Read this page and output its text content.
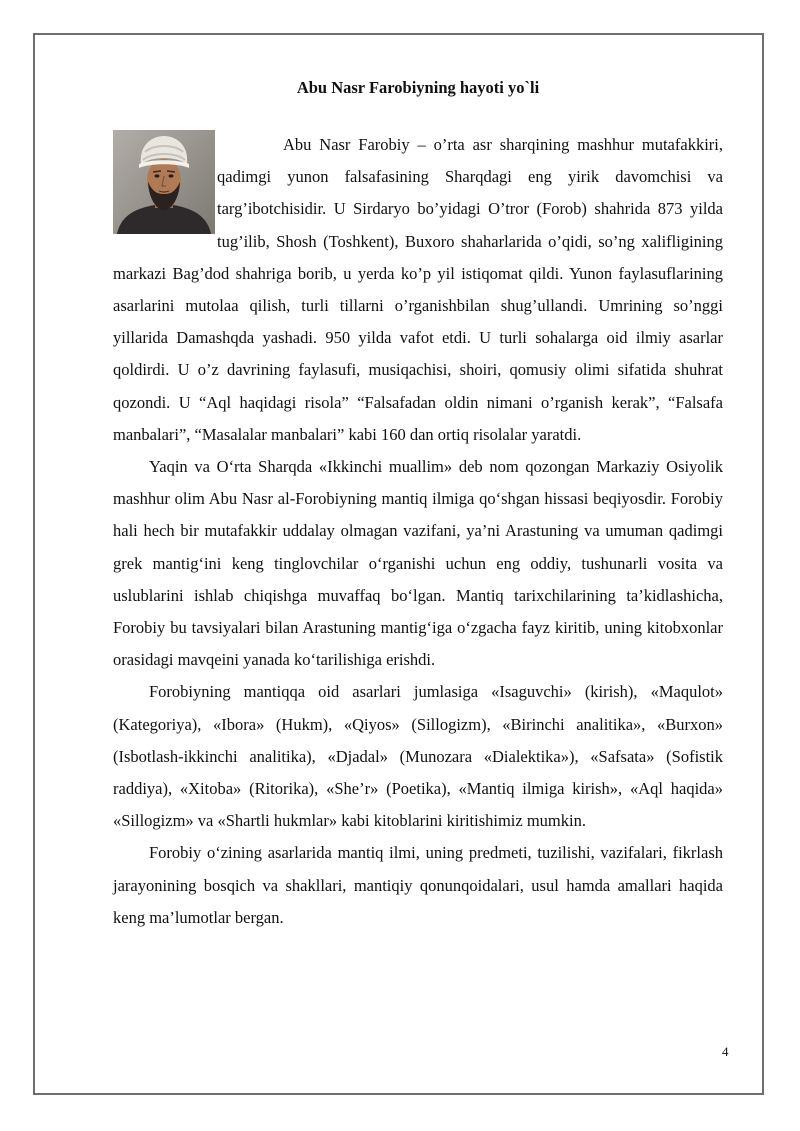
Abu Nasr Farobiyning hayoti yo`li

Abu Nasr Farobiy – o’rta asr sharqining mashhur mutafakkiri, qadimgi yunon falsafasining Sharqdagi eng yirik davomchisi va targ’ibotchisidir. U Sirdaryo bo’yidagi O’tror (Forob) shahrida 873 yilda tug’ilib, Shosh (Toshkent), Buxoro shaharlarida o’qidi, so’ng xalifligining markazi Bag’dod shahriga borib, u yerda ko’p yil istiqomat qildi. Yunon faylasuflarining asarlarini mutolaa qilish, turli tillarni o’rganishbilan shug’ullandi. Umrining so’nggi yillarida Damashqda yashadi. 950 yilda vafot etdi. U turli sohalarga oid ilmiy asarlar qoldirdi. U o’z davrining faylasufi, musiqachisi, shoiri, qomusiy olimi sifatida shuhrat qozondi. U “Aql haqidagi risola” “Falsafadan oldin nimani o’rganish kerak”, “Falsafa manbalari”, “Masalalar manbalari” kabi 160 dan ortiq risolalar yaratdi.

Yaqin va O‘rta Sharqda «Ikkinchi muallim» deb nom qozongan Markaziy Osiyolik mashhur olim Abu Nasr al-Forobiyning mantiq ilmiga qo‘shgan hissasi beqiyosdir. Forobiy hali hech bir mutafakkir uddalay olmagan vazifani, ya’ni Arastuning va umuman qadimgi grek mantig‘ini keng tinglovchilar o‘rganishi uchun eng oddiy, tushunarli vosita va uslublarini ishlab chiqishga muvaffaq bo‘lgan. Mantiq tarixchilarining ta’kidlashicha, Forobiy bu tavsiyalari bilan Arastuning mantig‘iga o‘zgacha fayz kiritib, uning kitobxonlar orasidagi mavqeini yanada ko‘tarilishiga erishdi.

Forobiyning mantiqqa oid asarlari jumlasiga «Isaguvchi» (kirish), «Maqulot» (Kategoriya), «Ibora» (Hukm), «Qiyos» (Sillogizm), «Birinchi analitika», «Burxon» (Isbotlash-ikkinchi analitika), «Djadal» (Munozara «Dialektika»), «Safsata» (Sofistik raddiya), «Xitoba» (Ritorika), «She’r» (Poetika), «Mantiq ilmiga kirish», «Aql haqida» «Sillogizm» va «Shartli hukmlar» kabi kitoblarini kiritishimiz mumkin.

Forobiy o‘zining asarlarida mantiq ilmi, uning predmeti, tuzilishi, vazifalari, fikrlash jarayonining bosqich va shakllari, mantiqiy qonunqoidalari, usul hamda amallari haqida keng ma’lumotlar bergan.

4
